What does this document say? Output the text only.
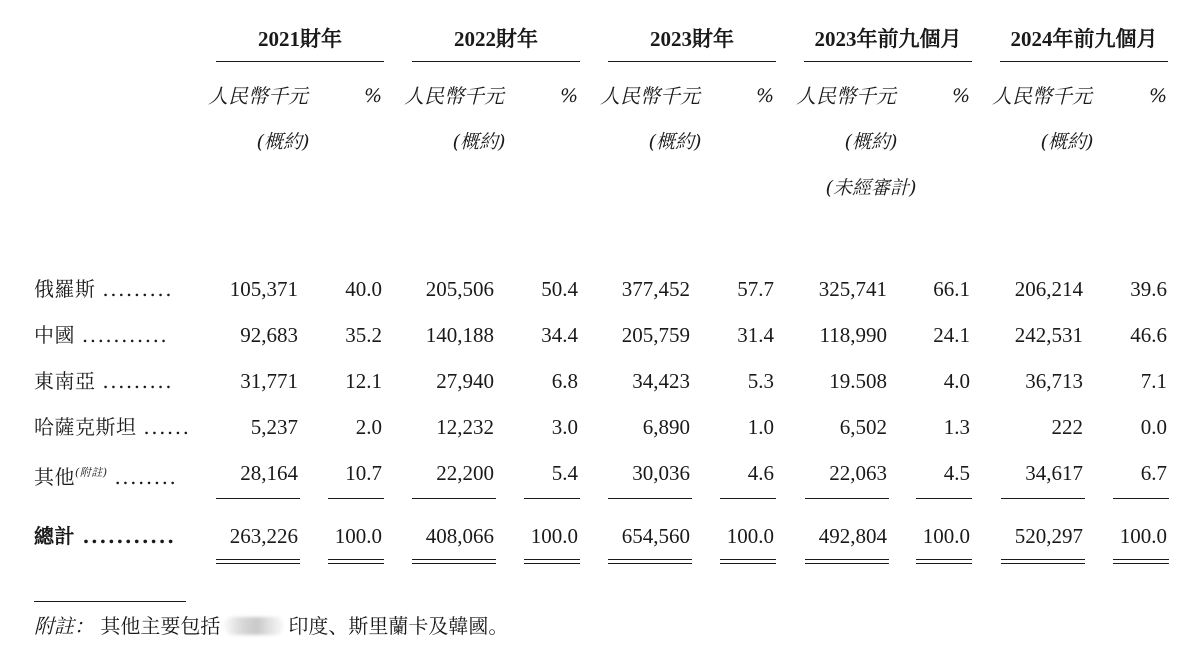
2021財年
人民幣千元	%
(概約)
2022財年
人民幣千元	%
(概約)
2023財年
人民幣千元	%
(概約)
2023年前九個月
人民幣千元	%
(概約)
(未經審計)
2024年前九個月
人民幣千元	%
(概約)
俄羅斯 .........	105,371	40.0	205,506	50.4	377,452	57.7	325,741	66.1	206,214	39.6
中國 ...........	92,683	35.2	140,188	34.4	205,759	31.4	118,990	24.1	242,531	46.6
東南亞 .........	31,771	12.1	27,940	6.8	34,423	5.3	19.508	4.0	36,713	7.1
哈薩克斯坦 ......	5,237	2.0	12,232	3.0	6,890	1.0	6,502	1.3	222	0.0
其他$^{(附註)}$ ........	28,164	10.7	22,200	5.4	30,036	4.6	22,063	4.5	34,617	6.7
總計 ...........	263,226	100.0	408,066	100.0	654,560	100.0	492,804	100.0	520,297	100.0
附註： 其他主要包括	印度、斯里蘭卡及韓國。
